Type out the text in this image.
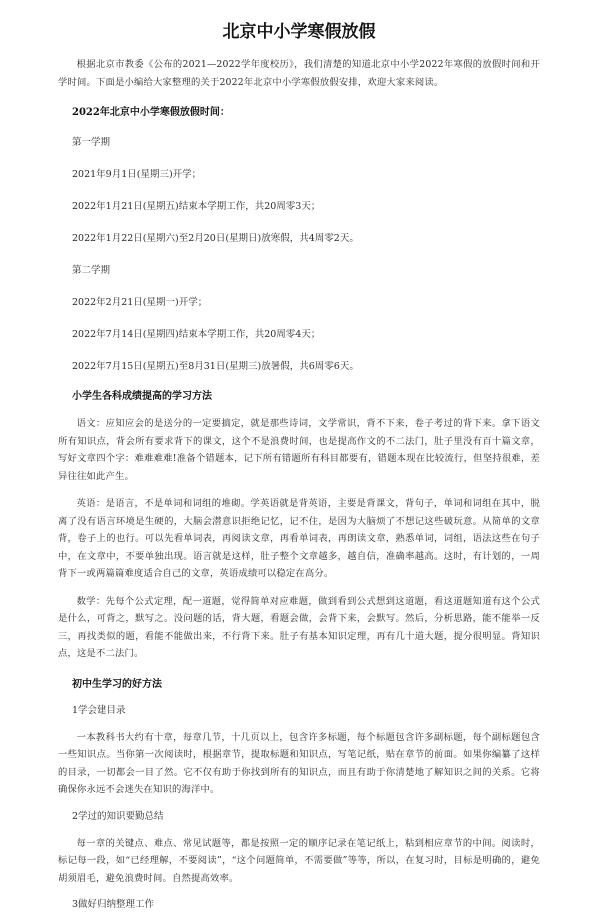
北京中小学寒假放假

根据北京市教委《公布的2021—2022学年度校历》，我们清楚的知道北京中小学2022年寒假的放假时间和开学时间。下面是小编给大家整理的关于2022年北京中小学寒假放假安排，欢迎大家来阅读。

2022年北京中小学寒假放假时间：

第一学期

2021年9月1日(星期三)开学；

2022年1月21日(星期五)结束本学期工作，共20周零3天；

2022年1月22日(星期六)至2月20日(星期日)放寒假，共4周零2天。

第二学期

2022年2月21日(星期一)开学；

2022年7月14日(星期四)结束本学期工作，共20周零4天；

2022年7月15日(星期五)至8月31日(星期三)放暑假，共6周零6天。

小学生各科成绩提高的学习方法

语文：应知应会的是送分的一定要搞定，就是那些诗词，文学常识，背不下来，卷子考过的背下来。拿下语文所有知识点，背会所有要求背下的课文，这个不是浪费时间，也是提高作文的不二法门，肚子里没有百十篇文章，写好文章四个字：难难难难!准备个错题本，记下所有错题所有科目都要有，错题本现在比较流行，但坚持很难，差异往往如此产生。

英语：是语言，不是单词和词组的堆砌。学英语就是背英语，主要是背课文，背句子，单词和词组在其中，脱离了没有语言环境是生硬的，大脑会潜意识拒绝记忆，记不住，是因为大脑烦了不想记这些破玩意。从简单的文章背，卷子上的也行。可以先看单词表，再阅读文章，再看单词表，再朗读文章，熟悉单词，词组，语法这些在句子中，在文章中，不要单独出现。语言就是这样，肚子整个文章越多，越自信，准确率越高。这时，有计划的，一周背下一或两篇篇难度适合自己的文章，英语成绩可以稳定在高分。

数学：先每个公式定理，配一道题，觉得简单对应难题，做到看到公式想到这道题，看这道题知道有这个公式是什么，可背之，默写之。没问题的话，背大题，看题会做，会背下来，会默写。然后，分析思路，能不能举一反三，再找类似的题，看能不能做出来，不行背下来。肚子有基本知识定理，再有几十道大题，提分很明显。背知识点，这是不二法门。

初中生学习的好方法

1学会建目录

一本教科书大约有十章，每章几节，十几页以上，包含许多标题，每个标题包含许多副标题，每个副标题包含一些知识点。当你第一次阅读时，根据章节，提取标题和知识点，写笔记纸，贴在章节的前面。如果你编纂了这样的目录，一切都会一目了然。它不仅有助于你找到所有的知识点，而且有助于你清楚地了解知识之间的关系。它将确保你永远不会迷失在知识的海洋中。

2学过的知识要勤总结

每一章的关键点、难点、常见试题等，都是按照一定的顺序记录在笔记纸上，粘到相应章节的中间。阅读时，标记每一段，如“已经理解，不要阅读”，“这个问题简单，不需要做”等等，所以，在复习时，目标是明确的，避免胡须眉毛，避免浪费时间。自然提高效率。

3做好归纳整理工作
